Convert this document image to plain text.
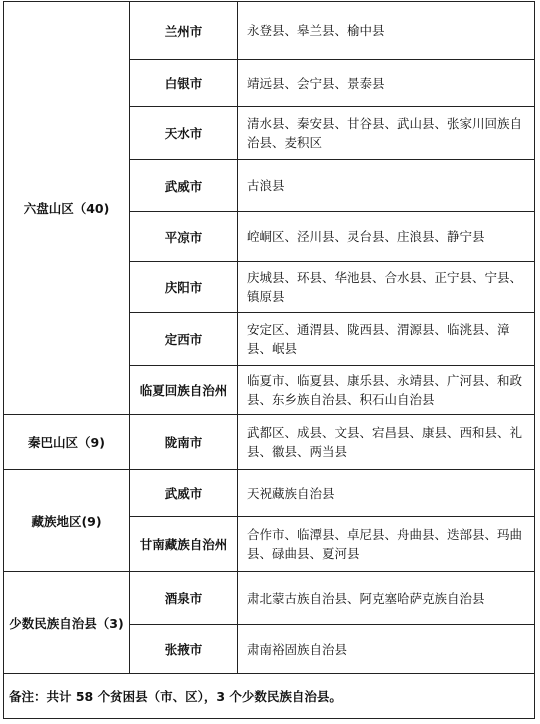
六盘山区（40)	兰州市	永登县、皋兰县、榆中县
	白银市	靖远县、会宁县、景泰县
	天水市	清水县、秦安县、甘谷县、武山县、张家川回族自治县、麦积区
	武威市	古浪县
	平凉市	崆峒区、泾川县、灵台县、庄浪县、静宁县
	庆阳市	庆城县、环县、华池县、合水县、正宁县、宁县、镇原县
	定西市	安定区、通渭县、陇西县、渭源县、临洮县、漳县、岷县
	临夏回族自治州	临夏市、临夏县、康乐县、永靖县、广河县、和政县、东乡族自治县、积石山自治县
秦巴山区（9)	陇南市	武都区、成县、文县、宕昌县、康县、西和县、礼县、徽县、两当县
藏族地区(9)	武威市	天祝藏族自治县
	甘南藏族自治州	合作市、临潭县、卓尼县、舟曲县、迭部县、玛曲县、碌曲县、夏河县
少数民族自治县（3)	酒泉市	肃北蒙古族自治县、阿克塞哈萨克族自治县
	张掖市	肃南裕固族自治县
备注：共计 58 个贫困县（市、区），3 个少数民族自治县。		
